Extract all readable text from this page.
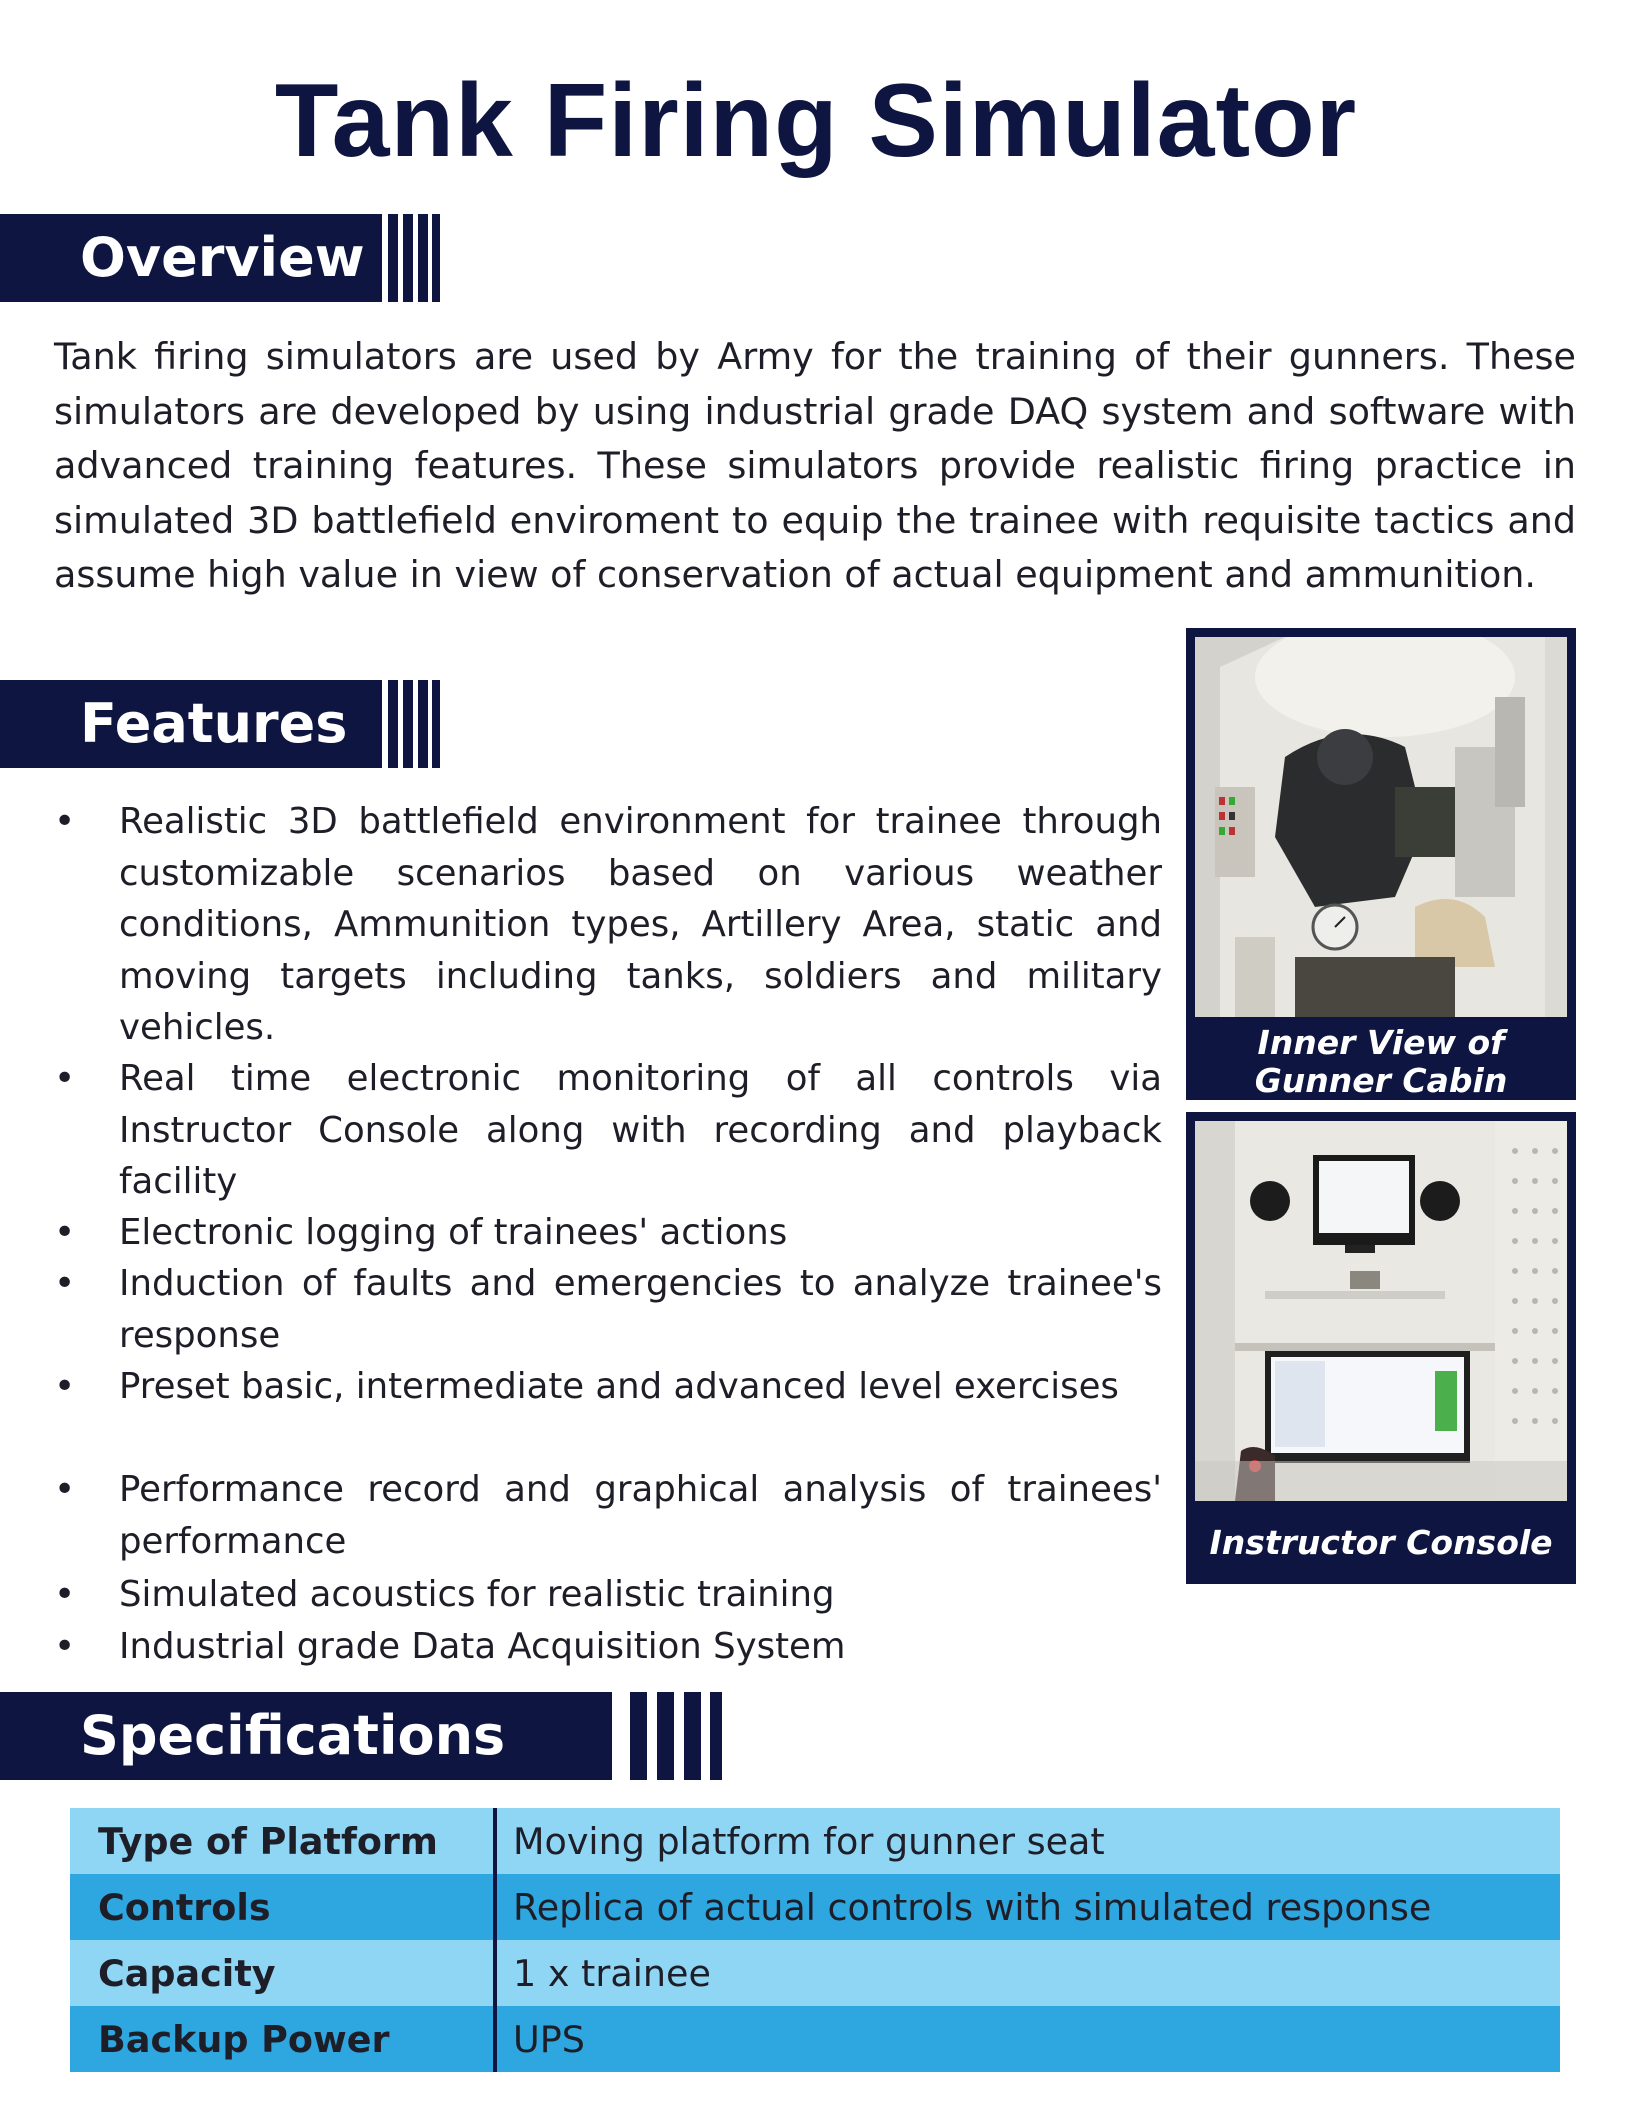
Tank Firing Simulator
Overview

Tank firing simulators are used by Army for the training of their gunners. These simulators are developed by using industrial grade DAQ system and software with advanced training features. These simulators provide realistic firing practice in simulated 3D battlefield enviroment to equip the trainee with requisite tactics and assume high value in view of conservation of actual equipment and ammunition.

Features
• Realistic 3D battlefield environment for trainee through customizable scenarios based on various weather conditions, Ammunition types, Artillery Area, static and moving targets including tanks, soldiers and military vehicles.
• Real time electronic monitoring of all controls via Instructor Console along with recording and playback facility
• Electronic logging of trainees' actions
• Induction of faults and emergencies to analyze trainee's response
• Preset basic, intermediate and advanced level exercises
• Performance record and graphical analysis of trainees' performance
• Simulated acoustics for realistic training
• Industrial grade Data Acquisition System
Inner View of
Gunner Cabin
Instructor Console
Specifications
Type of Platform	Moving platform for gunner seat
Controls	Replica of actual controls with simulated response
Capacity	1 x trainee
Backup Power	UPS
